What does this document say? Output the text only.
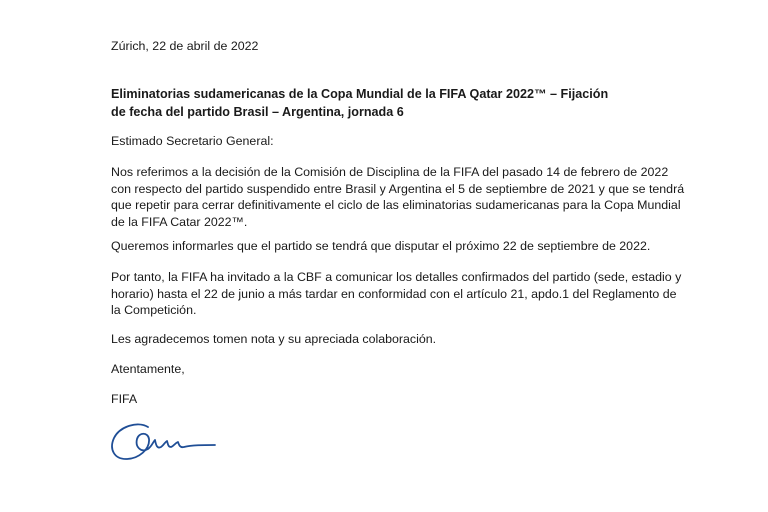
Zúrich, 22 de abril de 2022

Eliminatorias sudamericanas de la Copa Mundial de la FIFA Qatar 2022™ – Fijación
de fecha del partido Brasil – Argentina, jornada 6

Estimado Secretario General:

Nos referimos a la decisión de la Comisión de Disciplina de la FIFA del pasado 14 de febrero de 2022
con respecto del partido suspendido entre Brasil y Argentina el 5 de septiembre de 2021 y que se tendrá
que repetir para cerrar definitivamente el ciclo de las eliminatorias sudamericanas para la Copa Mundial
de la FIFA Catar 2022™.

Queremos informarles que el partido se tendrá que disputar el próximo 22 de septiembre de 2022.

Por tanto, la FIFA ha invitado a la CBF a comunicar los detalles confirmados del partido (sede, estadio y
horario) hasta el 22 de junio a más tardar en conformidad con el artículo 21, apdo.1 del Reglamento de
la Competición.

Les agradecemos tomen nota y su apreciada colaboración.

Atentamente,

FIFA
